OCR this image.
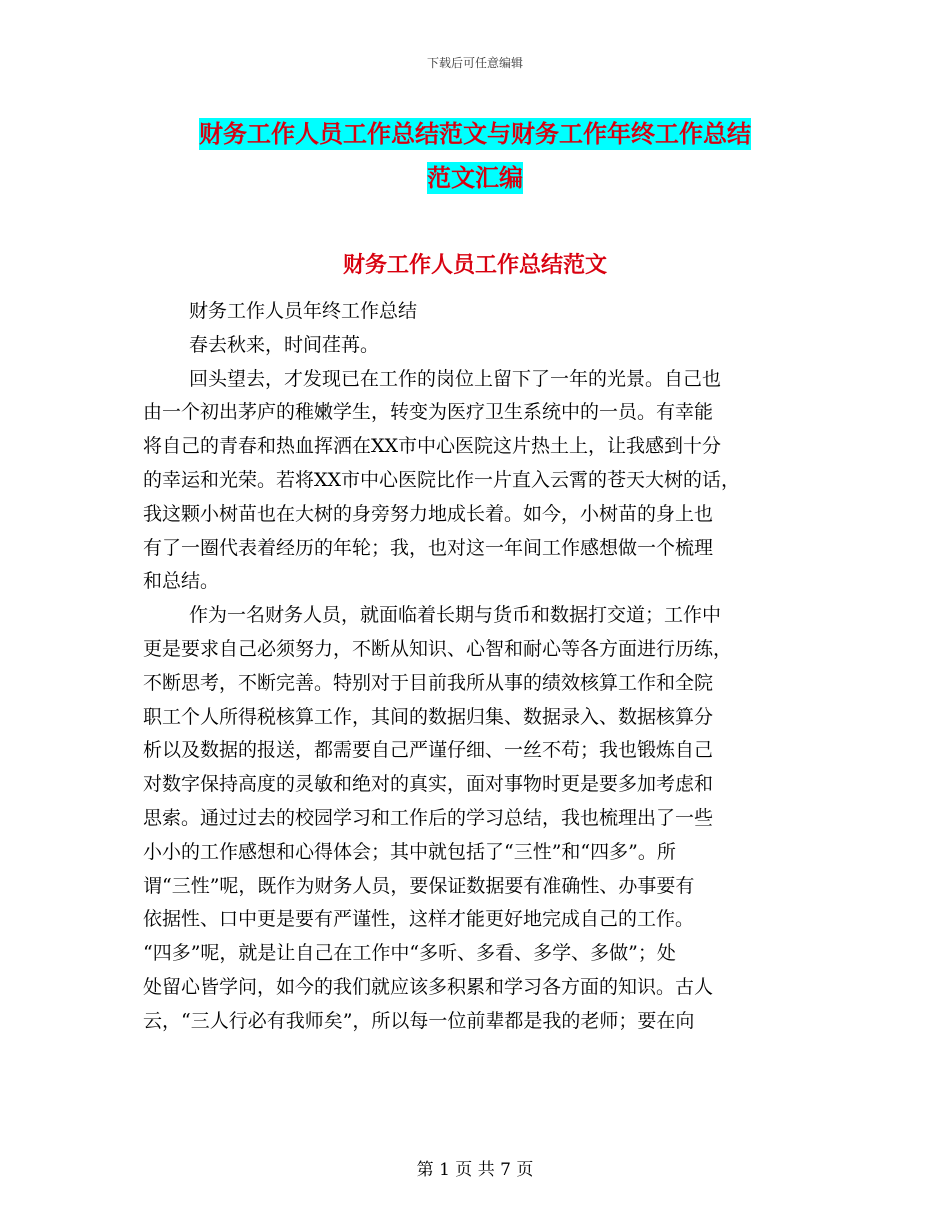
下载后可任意编辑
财务工作人员工作总结范文与财务工作年终工作总结
范文汇编
财务工作人员工作总结范文
财务工作人员年终工作总结
春去秋来，时间荏苒。
回头望去，才发现已在工作的岗位上留下了一年的光景。自己也
由一个初出茅庐的稚嫩学生，转变为医疗卫生系统中的一员。有幸能
将自己的青春和热血挥洒在XX市中心医院这片热土上，让我感到十分
的幸运和光荣。若将XX市中心医院比作一片直入云霄的苍天大树的话，
我这颗小树苗也在大树的身旁努力地成长着。如今，小树苗的身上也
有了一圈代表着经历的年轮；我，也对这一年间工作感想做一个梳理
和总结。
作为一名财务人员，就面临着长期与货币和数据打交道；工作中
更是要求自己必须努力，不断从知识、心智和耐心等各方面进行历练，
不断思考，不断完善。特别对于目前我所从事的绩效核算工作和全院
职工个人所得税核算工作，其间的数据归集、数据录入、数据核算分
析以及数据的报送，都需要自己严谨仔细、一丝不苟；我也锻炼自己
对数字保持高度的灵敏和绝对的真实，面对事物时更是要多加考虑和
思索。通过过去的校园学习和工作后的学习总结，我也梳理出了一些
小小的工作感想和心得体会；其中就包括了“三性”和“四多”。所
谓“三性”呢，既作为财务人员，要保证数据要有准确性、办事要有
依据性、口中更是要有严谨性，这样才能更好地完成自己的工作。
“四多”呢，就是让自己在工作中“多听、多看、多学、多做”；处
处留心皆学问，如今的我们就应该多积累和学习各方面的知识。古人
云，“三人行必有我师矣”，所以每一位前辈都是我的老师；要在向
第 1 页 共 7 页
